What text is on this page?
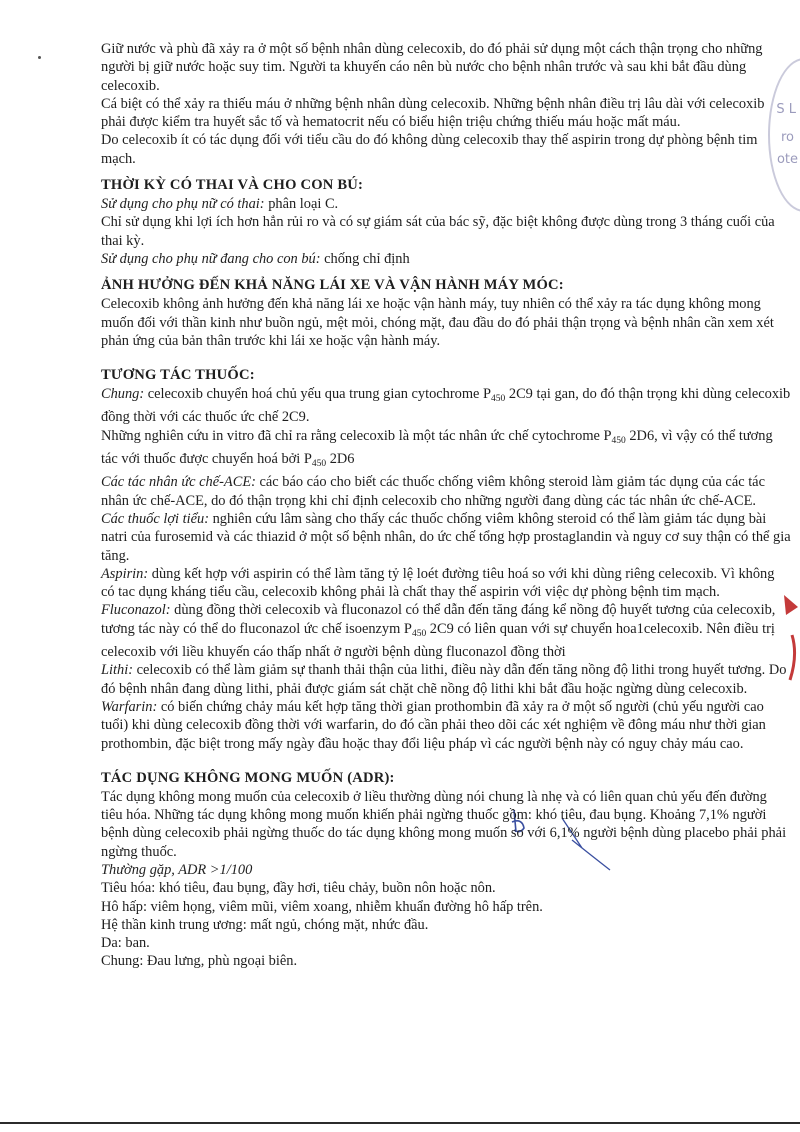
S L
ro
ote

Giữ nước và phù đã xảy ra ở một số bệnh nhân dùng celecoxib, do đó phải sử dụng một cách thận trọng cho những người bị giữ nước hoặc suy tim. Người ta khuyến cáo nên bù nước cho bệnh nhân trước và sau khi bắt đầu dùng celecoxib.

Cá biệt có thể xảy ra thiếu máu ở những bệnh nhân dùng celecoxib. Những bệnh nhân điều trị lâu dài với celecoxib phải được kiểm tra huyết sắc tố và hematocrit nếu có biểu hiện triệu chứng thiếu máu hoặc mất máu.

Do celecoxib ít có tác dụng đối với tiểu cầu do đó không dùng celecoxib thay thế aspirin trong dự phòng bệnh tim mạch.

THỜI KỲ CÓ THAI VÀ CHO CON BÚ:

Sử dụng cho phụ nữ có thai: phân loại C.

Chỉ sử dụng khi lợi ích hơn hẳn rủi ro và có sự giám sát của bác sỹ, đặc biệt không được dùng trong 3 tháng cuối của thai kỳ.

Sử dụng cho phụ nữ đang cho con bú: chống chỉ định

ẢNH HƯỞNG ĐẾN KHẢ NĂNG LÁI XE VÀ VẬN HÀNH MÁY MÓC:

Celecoxib không ảnh hưởng đến khả năng lái xe hoặc vận hành máy, tuy nhiên có thể xảy ra tác dụng không mong muốn đối với thần kinh như buồn ngủ, mệt mỏi, chóng mặt, đau đầu do đó phải thận trọng và bệnh nhân cần xem xét phản ứng của bản thân trước khi lái xe hoặc vận hành máy.

TƯƠNG TÁC THUỐC:

Chung: celecoxib chuyển hoá chủ yếu qua trung gian cytochrome $P_{450}$ 2C9 tại gan, do đó thận trọng khi dùng celecoxib đồng thời với các thuốc ức chế 2C9.

Những nghiên cứu in vitro đã chỉ ra rằng celecoxib là một tác nhân ức chế cytochrome $P_{450}$ 2D6, vì vậy có thể tương tác với thuốc được chuyển hoá bởi $P_{450}$ 2D6

Các tác nhân ức chế-ACE: các báo cáo cho biết các thuốc chống viêm không steroid làm giảm tác dụng của các tác nhân ức chế-ACE, do đó thận trọng khi chỉ định celecoxib cho những người đang dùng các tác nhân ức chế-ACE.

Các thuốc lợi tiểu: nghiên cứu lâm sàng cho thấy các thuốc chống viêm không steroid có thể làm giảm tác dụng bài natri của furosemid và các thiazid ở một số bệnh nhân, do ức chế tổng hợp prostaglandin và nguy cơ suy thận có thể gia tăng.

Aspirin: dùng kết hợp với aspirin có thể làm tăng tỷ lệ loét đường tiêu hoá so với khi dùng riêng celecoxib. Vì không có tac dụng kháng tiểu cầu, celecoxib không phải là chất thay thế aspirin với việc dự phòng bệnh tim mạch.

Fluconazol: dùng đồng thời celecoxib và fluconazol có thể dẫn đến tăng đáng kể nồng độ huyết tương của celecoxib, tương tác này có thể do fluconazol ức chế isoenzym $P_{450}$ 2C9 có liên quan với sự chuyển hoa1celecoxib. Nên điều trị celecoxib với liều khuyến cáo thấp nhất ở người bệnh dùng fluconazol đồng thời

Lithi: celecoxib có thể làm giảm sự thanh thải thận của lithi, điều này dẫn đến tăng nồng độ lithi trong huyết tương. Do đó bệnh nhân đang dùng lithi, phải được giám sát chặt chẽ nồng độ lithi khi bắt đầu hoặc ngừng dùng celecoxib.

Warfarin: có biến chứng chảy máu kết hợp tăng thời gian prothombin đã xảy ra ở một số người (chủ yếu người cao tuổi) khi dùng celecoxib đồng thời với warfarin, do đó cần phải theo dõi các xét nghiệm về đông máu như thời gian prothombin, đặc biệt trong mấy ngày đầu hoặc thay đổi liệu pháp vì các người bệnh này có nguy chảy máu cao.

TÁC DỤNG KHÔNG MONG MUỐN (ADR):

Tác dụng không mong muốn của celecoxib ở liều thường dùng nói chung là nhẹ và có liên quan chủ yếu đến đường tiêu hóa. Những tác dụng không mong muốn khiến phải ngừng thuốc gồm: khó tiêu, đau bụng. Khoảng 7,1% người bệnh dùng celecoxib phải ngừng thuốc do tác dụng không mong muốn so với 6,1% người bệnh dùng placebo phải phải ngừng thuốc.

Thường gặp, ADR >1/100

Tiêu hóa: khó tiêu, đau bụng, đầy hơi, tiêu chảy, buồn nôn hoặc nôn.

Hô hấp: viêm họng, viêm mũi, viêm xoang, nhiễm khuẩn đường hô hấp trên.

Hệ thần kinh trung ương: mất ngủ, chóng mặt, nhức đầu.

Da: ban.

Chung: Đau lưng, phù ngoại biên.
